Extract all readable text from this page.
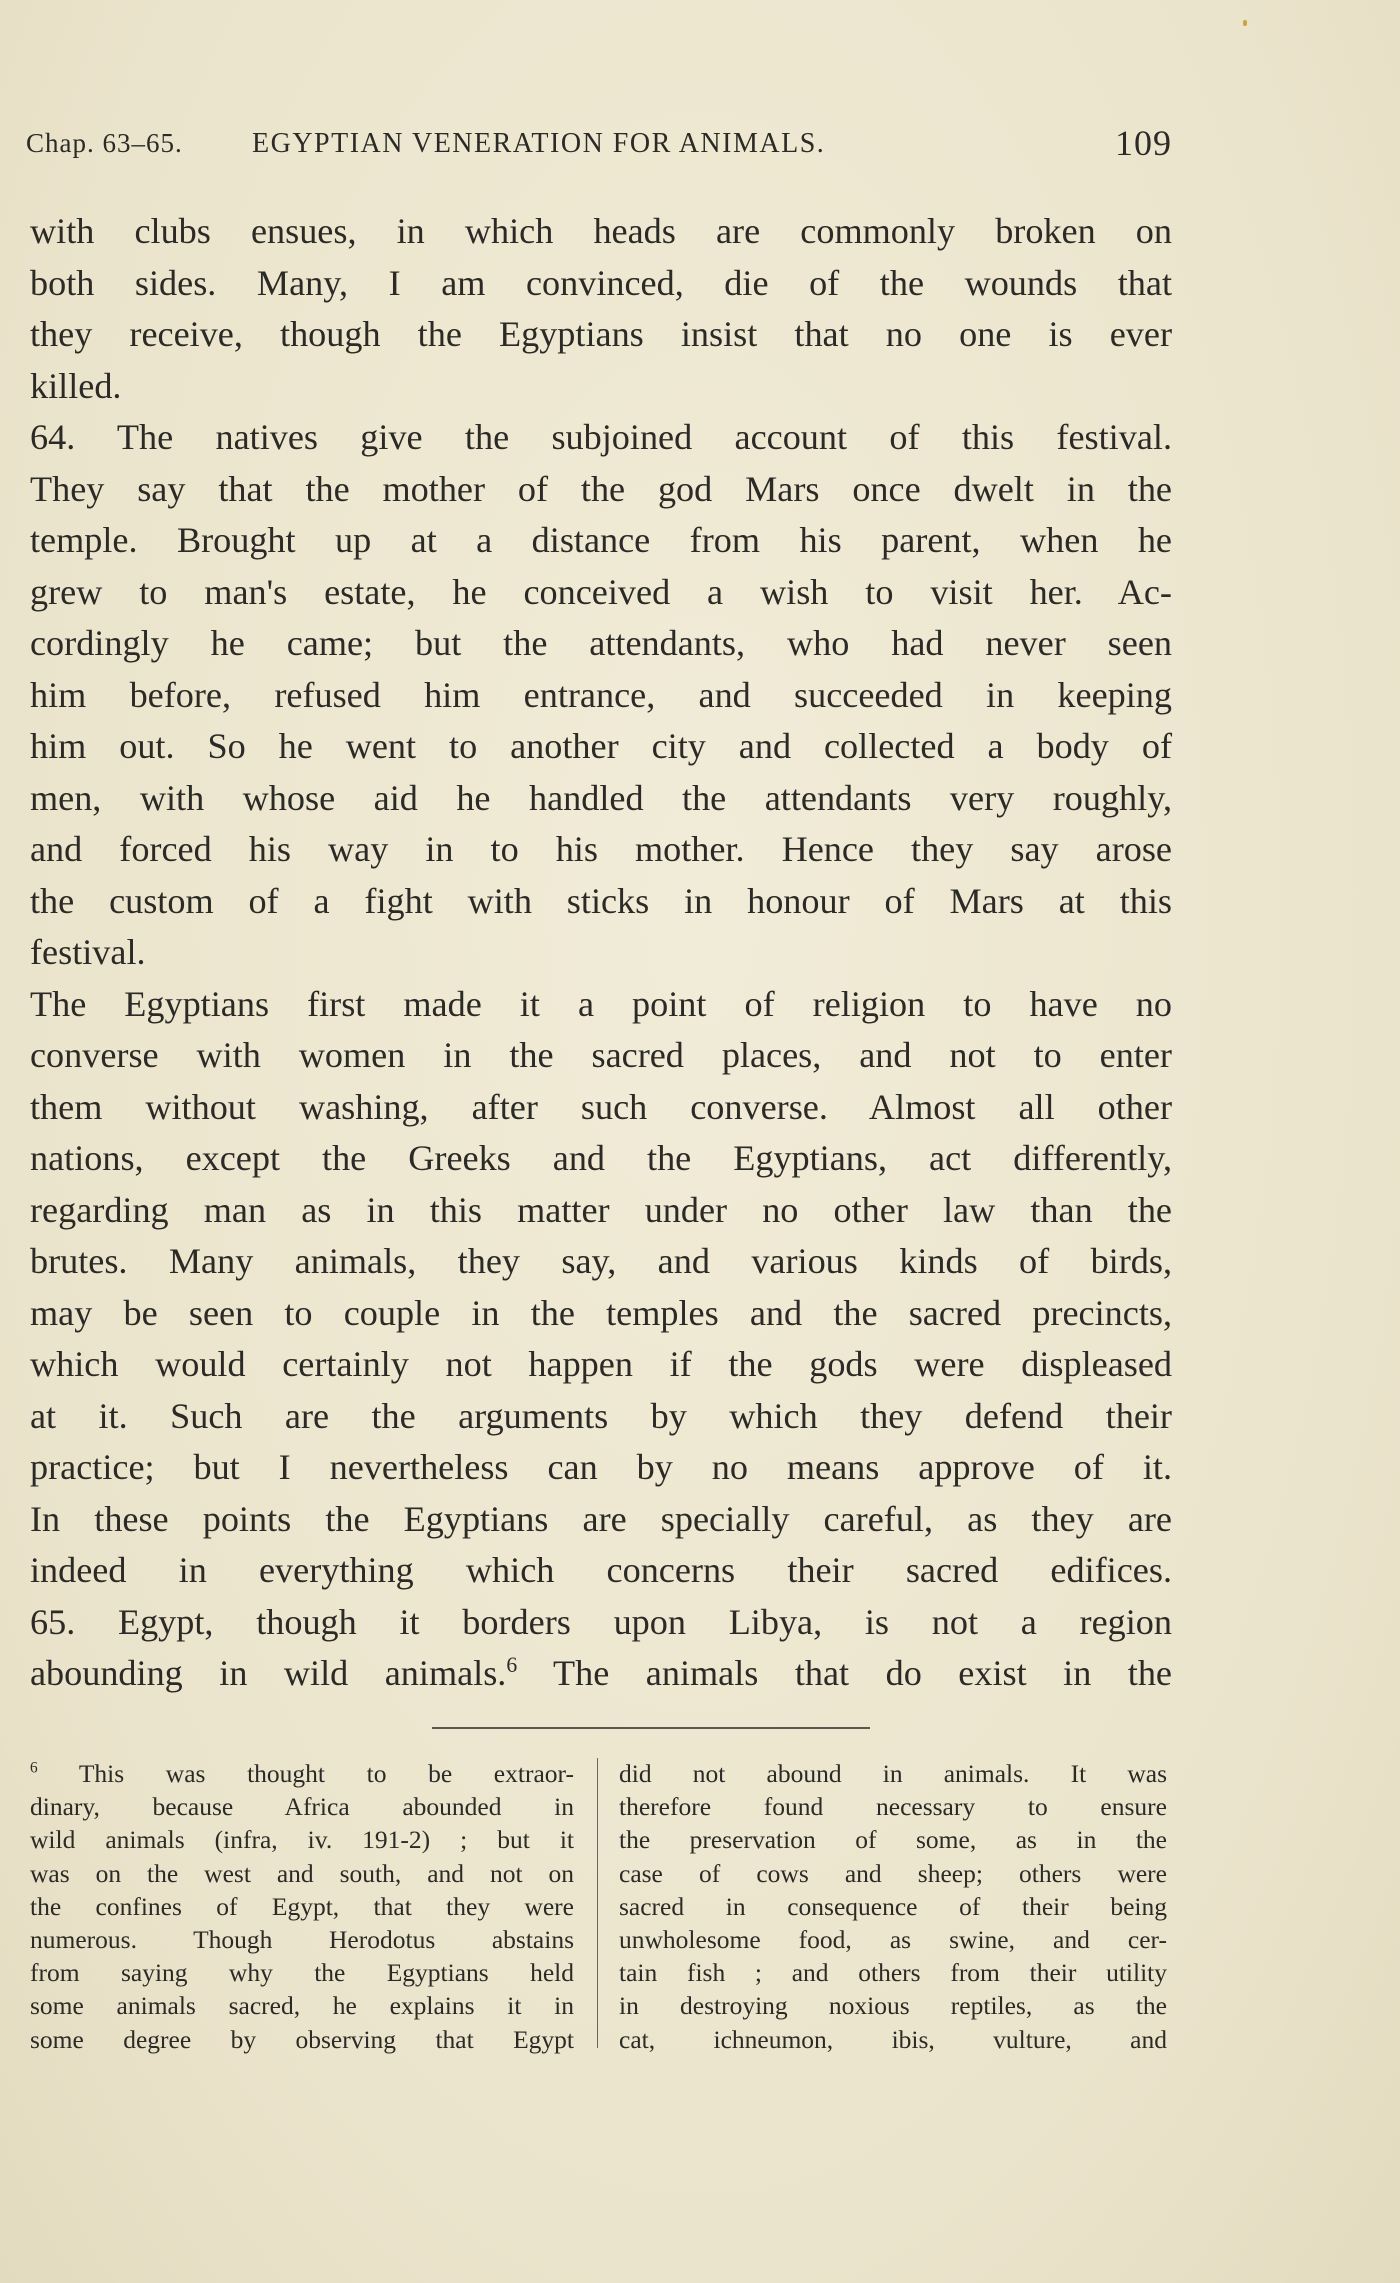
Chap. 63–65. EGYPTIAN VENERATION FOR ANIMALS.	109
with clubs ensues, in which heads are commonly broken on
both sides. Many, I am convinced, die of the wounds that
they receive, though the Egyptians insist that no one is ever
killed.
64. The natives give the subjoined account of this festival.
They say that the mother of the god Mars once dwelt in the
temple. Brought up at a distance from his parent, when he
grew to man's estate, he conceived a wish to visit her. Ac-
cordingly he came; but the attendants, who had never seen
him before, refused him entrance, and succeeded in keeping
him out. So he went to another city and collected a body of
men, with whose aid he handled the attendants very roughly,
and forced his way in to his mother. Hence they say arose
the custom of a fight with sticks in honour of Mars at this
festival.
The Egyptians first made it a point of religion to have no
converse with women in the sacred places, and not to enter
them without washing, after such converse. Almost all other
nations, except the Greeks and the Egyptians, act differently,
regarding man as in this matter under no other law than the
brutes. Many animals, they say, and various kinds of birds,
may be seen to couple in the temples and the sacred precincts,
which would certainly not happen if the gods were displeased
at it. Such are the arguments by which they defend their
practice; but I nevertheless can by no means approve of it.
In these points the Egyptians are specially careful, as they are
indeed in everything which concerns their sacred edifices.
65. Egypt, though it borders upon Libya, is not a region
abounding in wild animals.$^6$ The animals that do exist in the
$^6$ This was thought to be extraor-
dinary, because Africa abounded in
wild animals (infra, iv. 191-2) ; but it
was on the west and south, and not on
the confines of Egypt, that they were
numerous. Though Herodotus abstains
from saying why the Egyptians held
some animals sacred, he explains it in
some degree by observing that Egypt
did not abound in animals. It was
therefore found necessary to ensure
the preservation of some, as in the
case of cows and sheep; others were
sacred in consequence of their being
unwholesome food, as swine, and cer-
tain fish ; and others from their utility
in destroying noxious reptiles, as the
cat, ichneumon, ibis, vulture, and
